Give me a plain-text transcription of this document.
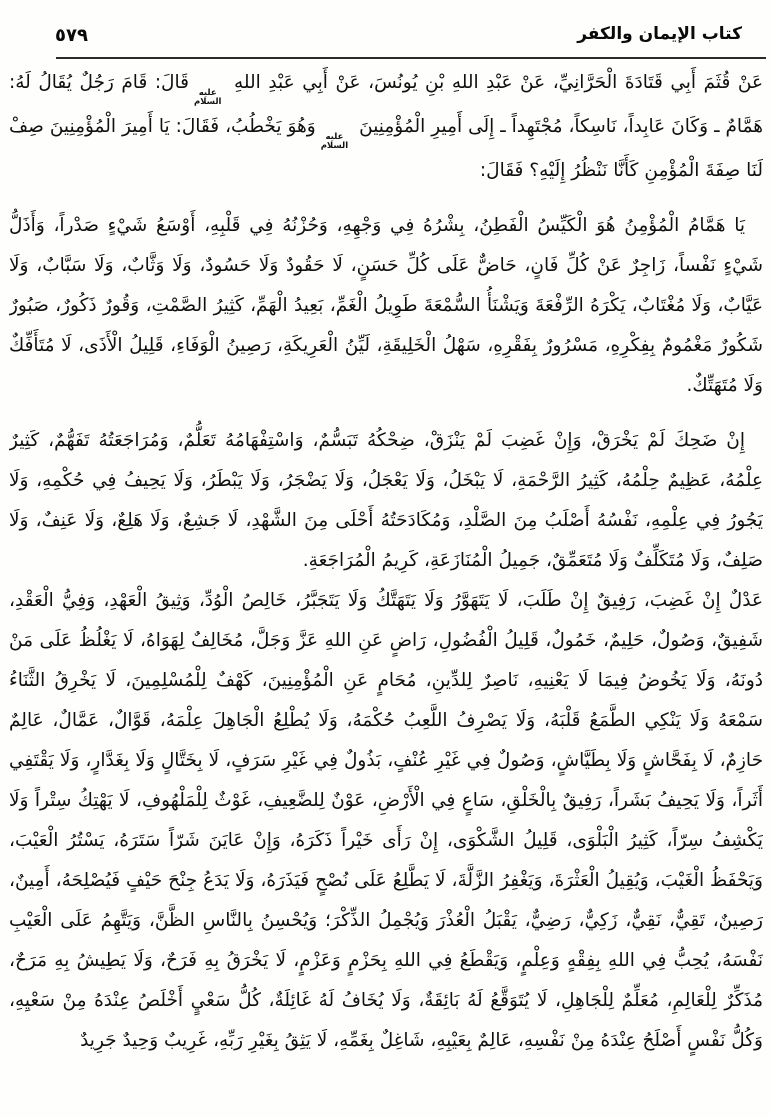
٥٧٩	كتاب الإيمان والكفر

عَنْ قُثَمَ أَبِي قَتَادَةَ الْحَرَّانِيِّ، عَنْ عَبْدِ اللهِ بْنِ يُونُسَ، عَنْ أَبِي عَبْدِ اللهِ
عليه
السلام
قَالَ: قَامَ رَجُلٌ يُقَالُ لَهُ:هَمَّامٌ ـ وَكَانَ عَابِداً، نَاسِكاً، مُجْتَهِداً ـ إِلَى أَمِيرِ الْمُؤْمِنِينَ
عليه
السلام
وَهُوَ يَخْطُبُ، فَقَالَ: يَا أَمِيرَالْمُؤْمِنِينَ صِفْ لَنَا صِفَةَ الْمُؤْمِنِ كَأَنَّا نَنْظُرُ إِلَيْهِ؟ فَقَالَ:

يَا هَمَّامُ الْمُؤْمِنُ هُوَ الْكَيِّسُ الْفَطِنُ، بِشْرُهُ فِي وَجْهِهِ، وَحُزْنُهُ فِي قَلْبِهِ، أَوْسَعُ شَيْءٍ صَدْراً، وَأَذَلُّ شَيْءٍ نَفْساً، زَاجِرٌ عَنْ كُلِّ فَانٍ، حَاضٌّ عَلَى كُلِّ حَسَنٍ، لَا حَقُودٌ وَلَا حَسُودٌ، وَلَا وَثَّابٌ، وَلَا سَبَّابٌ، وَلَا عَيَّابٌ، وَلَا مُغْتَابٌ، يَكْرَهُ الرِّفْعَةَ وَيَشْنَأُ السُّمْعَةَ طَوِيلُ الْغَمِّ، بَعِيدُ الْهَمِّ، كَثِيرُ الصَّمْتِ، وَقُورٌ ذَكُورٌ، صَبُورٌ شَكُورٌ مَغْمُومٌ بِفِكْرِهِ، مَسْرُورٌ بِفَقْرِهِ، سَهْلُ الْخَلِيقَةِ، لَيِّنُ الْعَرِيكَةِ، رَصِينُ الْوَفَاءِ، قَلِيلُ الْأَذَى، لَا مُتَأَفِّكٌ وَلَا مُتَهَتِّكٌ.

إِنْ ضَحِكَ لَمْ يَخْرَقْ، وَإِنْ غَضِبَ لَمْ يَنْزَقْ، ضِحْكُهُ تَبَسُّمٌ، وَاسْتِفْهَامُهُ تَعَلُّمٌ، وَمُرَاجَعَتُهُ تَفَهُّمٌ، كَثِيرٌ عِلْمُهُ، عَظِيمٌ حِلْمُهُ، كَثِيرُ الرَّحْمَةِ، لَا يَبْخَلُ، وَلَا يَعْجَلُ، وَلَا يَضْجَرُ، وَلَا يَبْطَرُ، وَلَا يَحِيفُ فِي حُكْمِهِ، وَلَا يَجُورُ فِي عِلْمِهِ، نَفْسُهُ أَصْلَبُ مِنَ الصَّلْدِ، وَمُكَادَحَتُهُ أَحْلَى مِنَ الشَّهْدِ، لَا جَشِعٌ، وَلَا هَلِعٌ، وَلَا عَنِفٌ، وَلَا صَلِفٌ، وَلَا مُتَكَلِّفٌ وَلَا مُتَعَمِّقٌ، جَمِيلُ الْمُنَازَعَةِ، كَرِيمُ الْمُرَاجَعَةِ.

عَدْلٌ إِنْ غَضِبَ، رَفِيقٌ إِنْ طَلَبَ، لَا يَتَهَوَّرُ وَلَا يَتَهَتَّكُ وَلَا يَتَجَبَّرُ، خَالِصُ الْوُدِّ، وَثِيقُ الْعَهْدِ، وَفِيُّ الْعَقْدِ، شَفِيقٌ، وَصُولٌ، حَلِيمٌ، خَمُولٌ، قَلِيلُ الْفُضُولِ، رَاضٍ عَنِ اللهِ عَزَّ وَجَلَّ، مُخَالِفٌ لِهَوَاهُ، لَا يَغْلُظُ عَلَى مَنْ دُونَهُ، وَلَا يَخُوضُ فِيمَا لَا يَعْنِيهِ، نَاصِرٌ لِلدِّينِ، مُحَامٍ عَنِ الْمُؤْمِنِينَ، كَهْفٌ لِلْمُسْلِمِينَ، لَا يَخْرِقُ الثَّنَاءُ سَمْعَهُ وَلَا يَنْكِي الطَّمَعُ قَلْبَهُ، وَلَا يَصْرِفُ اللَّعِبُ حُكْمَهُ، وَلَا يُطْلِعُ الْجَاهِلَ عِلْمَهُ، قَوَّالٌ، عَمَّالٌ، عَالِمٌ حَازِمٌ، لَا بِفَحَّاشٍ وَلَا بِطَيَّاشٍ، وَصُولٌ فِي غَيْرِ عُنْفٍ، بَذُولٌ فِي غَيْرِ سَرَفٍ، لَا بِخَتَّالٍ وَلَا بِغَدَّارٍ، وَلَا يَقْتَفِي أَثَراً، وَلَا يَحِيفُ بَشَراً، رَفِيقٌ بِالْخَلْقِ، سَاعٍ فِي الْأَرْضِ، عَوْنٌ لِلضَّعِيفِ، غَوْثٌ لِلْمَلْهُوفِ، لَا يَهْتِكُ سِتْراً وَلَا يَكْشِفُ سِرّاً، كَثِيرُ الْبَلْوَى، قَلِيلُ الشَّكْوَى، إِنْ رَأَى خَيْراً ذَكَرَهُ، وَإِنْ عَايَنَ شَرّاً سَتَرَهُ، يَسْتُرُ الْعَيْبَ، وَيَحْفَظُ الْغَيْبَ، وَيُقِيلُ الْعَثْرَةَ، وَيَغْفِرُ الزَّلَّةَ، لَا يَطَّلِعُ عَلَى نُصْحٍ فَيَذَرَهُ، وَلَا يَدَعُ جِنْحَ حَيْفٍ فَيُصْلِحَهُ، أَمِينٌ، رَصِينٌ، تَقِيٌّ، نَقِيٌّ، زَكِيٌّ، رَضِيٌّ، يَقْبَلُ الْعُذْرَ وَيُجْمِلُ الذِّكْرَ؛ وَيُحْسِنُ بِالنَّاسِ الظَّنَّ، وَيَتَّهِمُ عَلَى الْعَيْبِ نَفْسَهُ، يُحِبُّ فِي اللهِ بِفِقْهٍ وَعِلْمٍ، وَيَقْطَعُ فِي اللهِ بِحَزْمٍ وَعَزْمٍ، لَا يَخْرَقُ بِهِ فَرَحٌ، وَلَا يَطِيشُ بِهِ مَرَحٌ، مُذَكِّرٌ لِلْعَالِمِ، مُعَلِّمٌ لِلْجَاهِلِ، لَا يُتَوَقَّعُ لَهُ بَائِقَةٌ، وَلَا يُخَافُ لَهُ غَائِلَةٌ، كُلُّ سَعْيٍ أَخْلَصُ عِنْدَهُ مِنْ سَعْيِهِ، وَكُلُّ نَفْسٍ أَصْلَحُ عِنْدَهُ مِنْ نَفْسِهِ، عَالِمٌ بِعَيْبِهِ، شَاغِلٌ بِغَمِّهِ، لَا يَثِقُ بِغَيْرِ رَبِّهِ، غَرِيبٌ وَحِيدٌ جَرِيدٌ
